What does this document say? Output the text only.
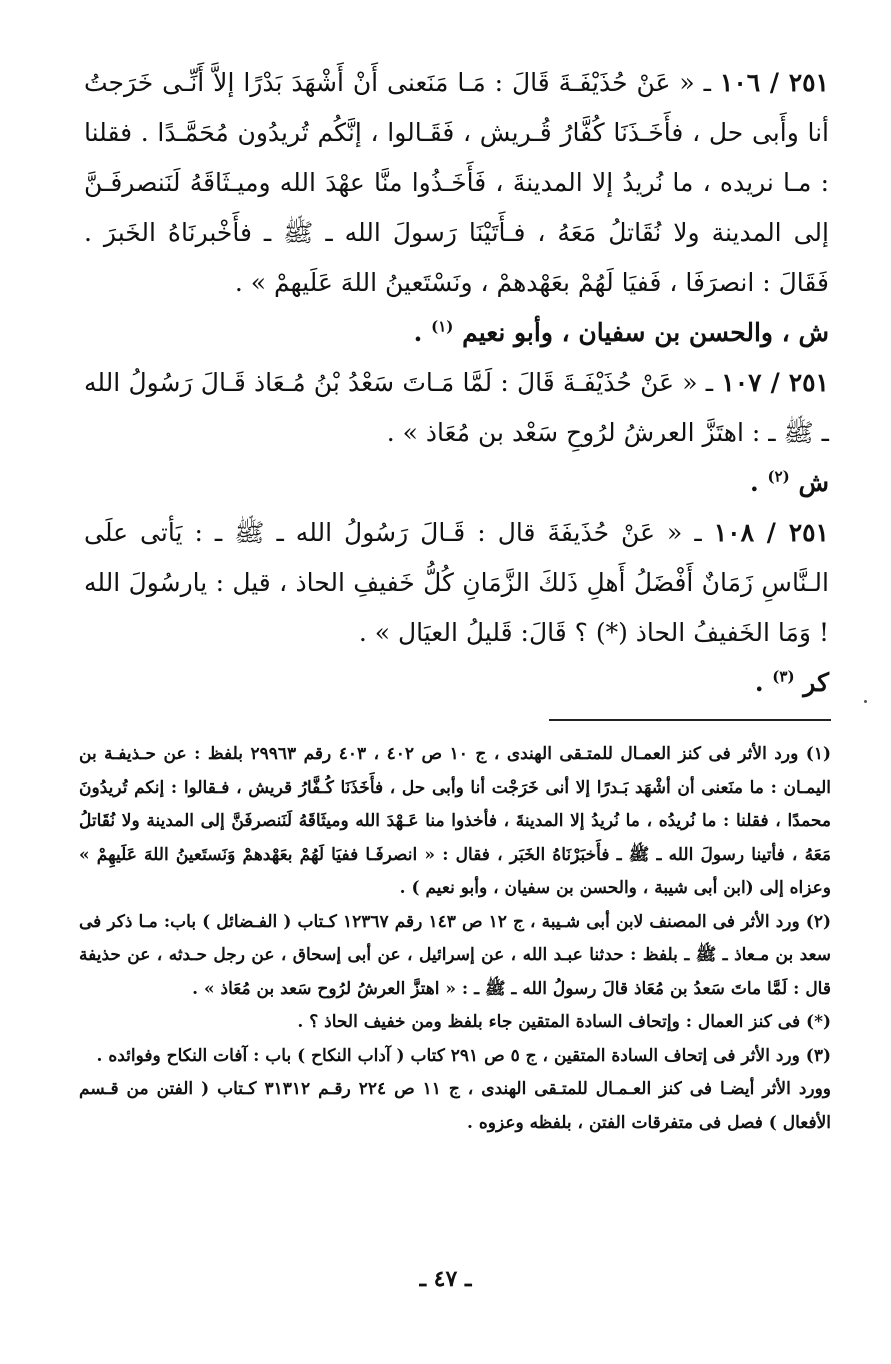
٢٥١ / ١٠٦ ـ « عَنْ حُذَيْفَـةَ قَالَ : مَـا مَنَعنى أَنْ أَشْهَدَ بَدْرًا إلاَّ أَنِّـى خَرَجتُ أنا وأَبى حل ، فأَخَـذَنَا كُفَّارُ قُـريش ، فَقَـالوا ، إنَّكُم تُريدُون مُحَمَّـدًا . فقلنا : مـا نريده ، ما نُريدُ إلا المدينةَ ، فَأَخَـذُوا منَّا عهْدَ الله وميـثَاقَهُ لَنَنصرفَـنَّ إلى المدينة ولا نُقَاتلُ مَعَهُ ، فـأَتَيْنَا رَسولَ الله ـ ﷺ ـ فأَخْبرنَاهُ الخَبرَ . فَقَالَ : انصرَفَا ، فَفيَا لَهُمْ بعَهْدهمْ ، ونَسْتَعينُ اللهَ عَلَيهمْ » .

ش ، والحسن بن سفيان ، وأبو نعيم $^{(١)}$ .

٢٥١ / ١٠٧ ـ « عَنْ حُذَيْفَـةَ قَالَ : لَمَّا مَـاتَ سَعْدُ بْنُ مُـعَاذ قَـالَ رَسُولُ الله ـ ﷺ ـ : اهتَزَّ العرشُ لرُوحِ سَعْد بن مُعَاذ » .

ش $^{(٢)}$ .

٢٥١ / ١٠٨ ـ « عَنْ حُذَيفَةَ قال : قَـالَ رَسُولُ الله ـ ﷺ ـ : يَأتى علَى الـنَّاسِ زَمَانٌ أَفْضَلُ أَهلِ ذَلكَ الزَّمَانِ كُلُّ خَفيفِ الحاذ ، قيل : يارسُولَ الله ! وَمَا الخَفيفُ الحاذ (*) ؟ قَالَ: قَليلُ العيَال » .

كر $^{(٣)}$ .

(١) ورد الأثر فى كنز العمـال للمتـقى الهندى ، ج ١٠ ص ٤٠٢ ، ٤٠٣ رقم ٢٩٩٦٣ بلفظ : عن حـذيفـة بن اليمـان : ما منَعنى أن أشْهَد بَـدرًا إلا أنى خَرَجْت أنا وأبى حل ، فأَخَذَنَا كُـفَّارُ قريش ، فـقالوا : إنكم تُريدُونَ محمدًا ، فقلنا : ما نُريدُه ، ما نُريدُ إلا المدينةَ ، فأخذوا منا عَـهْدَ الله وميثَاقَهُ لَنَنصرفَنَّ إلى المدينة ولا نُقَاتلُ مَعَهُ ، فأتينا رسولَ الله ـ ﷺ ـ فأَخبَرْنَاهُ الخَبَر ، فقال : « انصرفَـا ففيَا لَهُمْ بعَهْدهمْ وَنَستَعينُ اللهَ عَلَيهِمْ » وعزاه إلى (ابن أبى شيبة ، والحسن بن سفيان ، وأبو نعيم ) .

(٢) ورد الأثر فى المصنف لابن أبى شـيبة ، ج ١٢ ص ١٤٣ رقم ١٢٣٦٧ كـتاب ( الفـضائل ) باب: مـا ذكر فى سعد بن مـعاذ ـ ﷺ ـ بلفظ : حدثنا عبـد الله ، عن إسرائيل ، عن أبى إسحاق ، عن رجل حـدثه ، عن حذيفة قال : لَمَّا ماتَ سَعدُ بن مُعَاذ قالَ رسولُ الله ـ ﷺ ـ : « اهتزَّ العرشُ لرُوح سَعد بن مُعَاذ » .

(*) فى كنز العمال : وإتحاف السادة المتقين جاء بلفظ ومن خفيف الحاذ ؟ .

(٣) ورد الأثر فى إتحاف السادة المتقين ، ج ٥ ص ٢٩١ كتاب ( آداب النكاح ) باب : آفات النكاح وفوائده .

وورد الأثر أيضـا فى كنز العـمـال للمتـقى الهندى ، ج ١١ ص ٢٢٤ رقـم ٣١٣١٢ كـتاب ( الفتن من قـسم الأفعال ) فصل فى متفرقات الفتن ، بلفظه وعزوه .

ـ ٤٧ ـ
